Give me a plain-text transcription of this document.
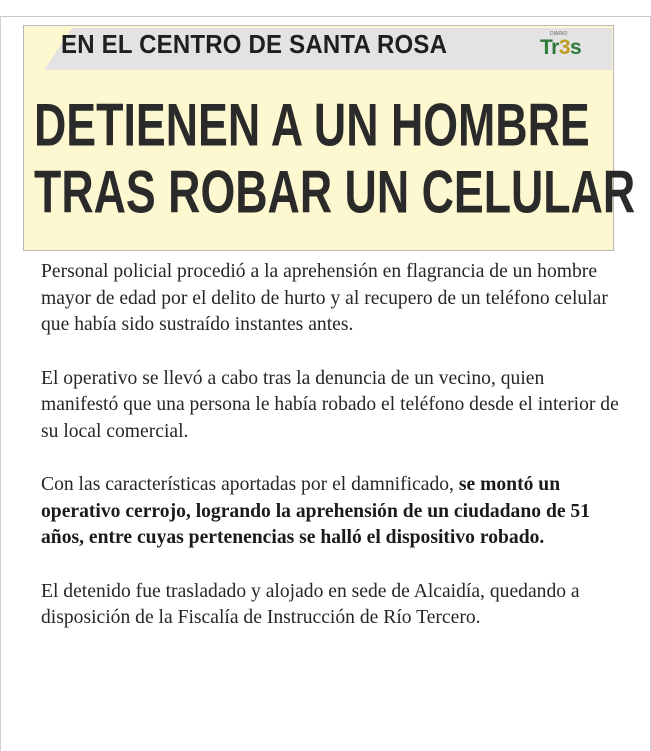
EN EL CENTRO DE SANTA ROSA	DIARIO
Tr3s
DETIENEN A UN HOMBRE
TRAS ROBAR UN CELULAR

Personal policial procedió a la aprehensión en flagrancia de un hombre mayor de edad por el delito de hurto y al recupero de un teléfono celular que había sido sustraído instantes antes.

El operativo se llevó a cabo tras la denuncia de un vecino, quien manifestó que una persona le había robado el teléfono desde el interior de su local comercial.

Con las características aportadas por el damnificado, se montó un operativo cerrojo, logrando la aprehensión de un ciudadano de 51 años, entre cuyas pertenencias se halló el dispositivo robado.

El detenido fue trasladado y alojado en sede de Alcaidía, quedando a disposición de la Fiscalía de Instrucción de Río Tercero.
